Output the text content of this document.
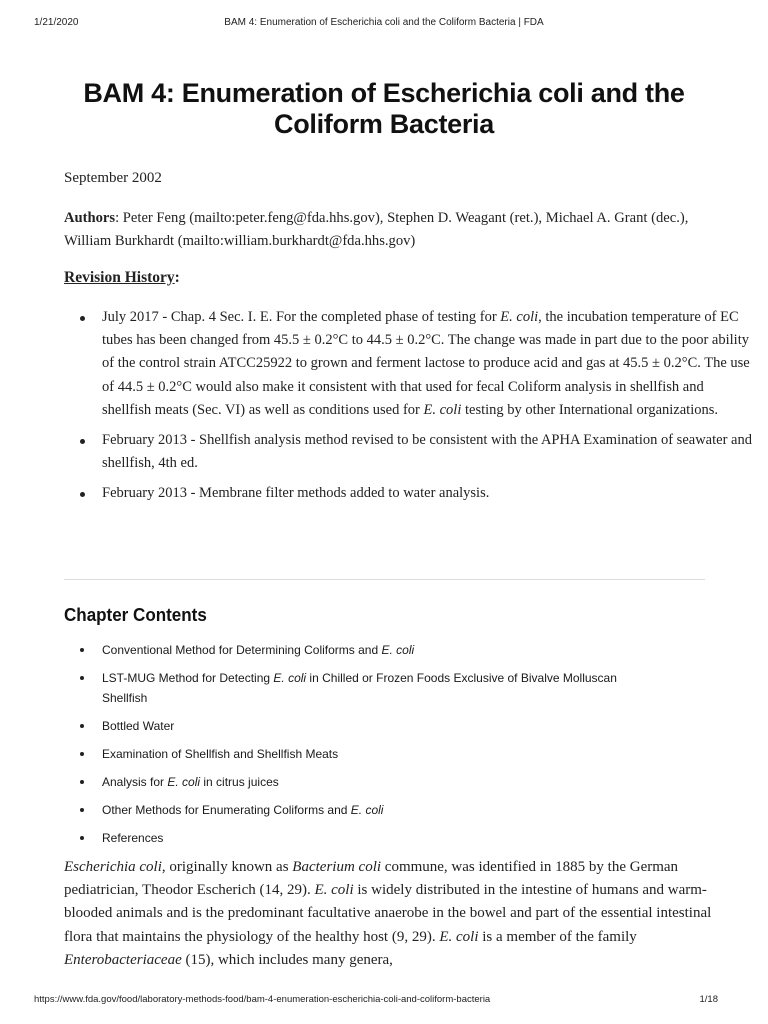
1/21/2020	BAM 4: Enumeration of Escherichia coli and the Coliform Bacteria | FDA
BAM 4: Enumeration of Escherichia coli and the Coliform Bacteria
September 2002
Authors: Peter Feng (mailto:peter.feng@fda.hhs.gov), Stephen D. Weagant (ret.), Michael A. Grant (dec.), William Burkhardt (mailto:william.burkhardt@fda.hhs.gov)
Revision History:
July 2017 - Chap. 4 Sec. I. E. For the completed phase of testing for E. coli, the incubation temperature of EC tubes has been changed from 45.5 ± 0.2°C to 44.5 ± 0.2°C. The change was made in part due to the poor ability of the control strain ATCC25922 to grown and ferment lactose to produce acid and gas at 45.5 ± 0.2°C. The use of 44.5 ± 0.2°C would also make it consistent with that used for fecal Coliform analysis in shellfish and shellfish meats (Sec. VI) as well as conditions used for E. coli testing by other International organizations.
February 2013 - Shellfish analysis method revised to be consistent with the APHA Examination of seawater and shellfish, 4th ed.
February 2013 - Membrane filter methods added to water analysis.
Chapter Contents
Conventional Method for Determining Coliforms and E. coli
LST-MUG Method for Detecting E. coli in Chilled or Frozen Foods Exclusive of Bivalve Molluscan Shellfish
Bottled Water
Examination of Shellfish and Shellfish Meats
Analysis for E. coli in citrus juices
Other Methods for Enumerating Coliforms and E. coli
References
Escherichia coli, originally known as Bacterium coli commune, was identified in 1885 by the German pediatrician, Theodor Escherich (14, 29). E. coli is widely distributed in the intestine of humans and warm-blooded animals and is the predominant facultative anaerobe in the bowel and part of the essential intestinal flora that maintains the physiology of the healthy host (9, 29). E. coli is a member of the family Enterobacteriaceae (15), which includes many genera,
https://www.fda.gov/food/laboratory-methods-food/bam-4-enumeration-escherichia-coli-and-coliform-bacteria	1/18
